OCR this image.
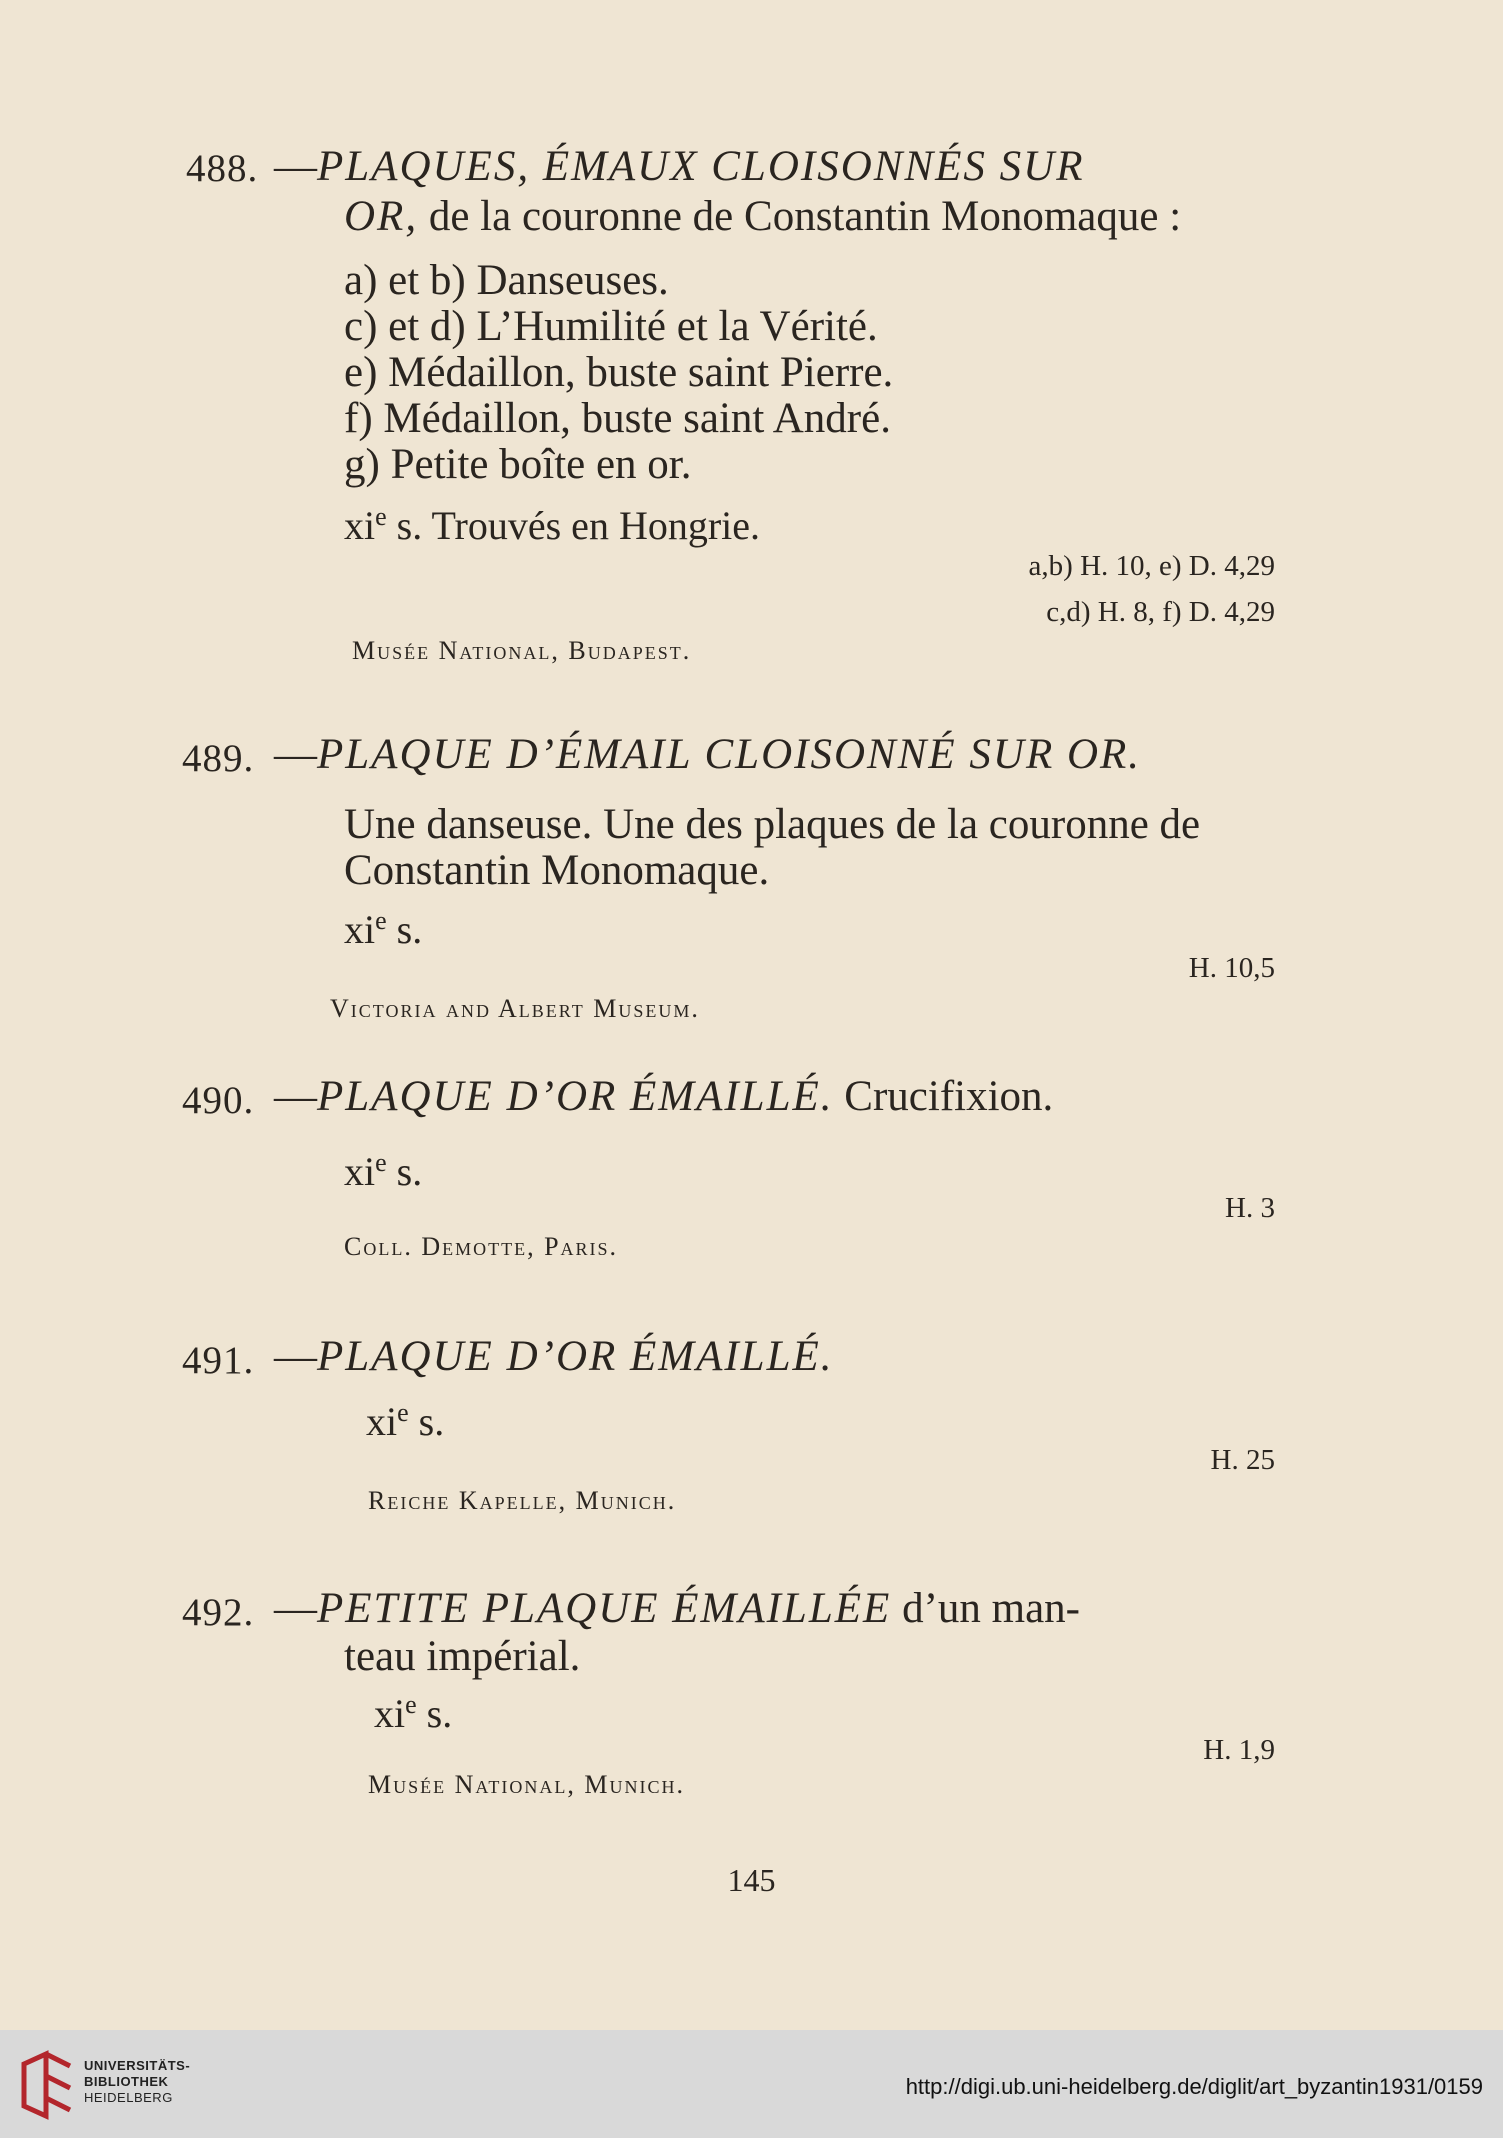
488. —PLAQUES, ÉMAUX CLOISONNÉS SUR
OR, de la couronne de Constantin Monomaque :
a) et b) Danseuses.
c) et d) L’Humilité et la Vérité.
e) Médaillon, buste saint Pierre.
f) Médaillon, buste saint André.
g) Petite boîte en or.
$xi^e$ s. Trouvés en Hongrie.
a,b) H. 10, e) D. 4,29
c,d) H. 8, f) D. 4,29
Musée National, Budapest.
489. —PLAQUE D’ÉMAIL CLOISONNÉ SUR OR.
Une danseuse. Une des plaques de la couronne de
Constantin Monomaque.
$xi^e$ s.
H. 10,5
Victoria and Albert Museum.
490. —PLAQUE D’OR ÉMAILLÉ. Crucifixion.
$xi^e$ s.
H. 3
Coll. Demotte, Paris.
491. —PLAQUE D’OR ÉMAILLÉ.
$xi^e$ s.
H. 25
Reiche Kapelle, Munich.
492. —PETITE PLAQUE ÉMAILLÉE d’un man-
teau impérial.
$xi^e$ s.
H. 1,9
Musée National, Munich.
145
UNIVERSITÄTS-
BIBLIOTHEK
HEIDELBERG	http://digi.ub.uni-heidelberg.de/diglit/art_byzantin1931/0159
